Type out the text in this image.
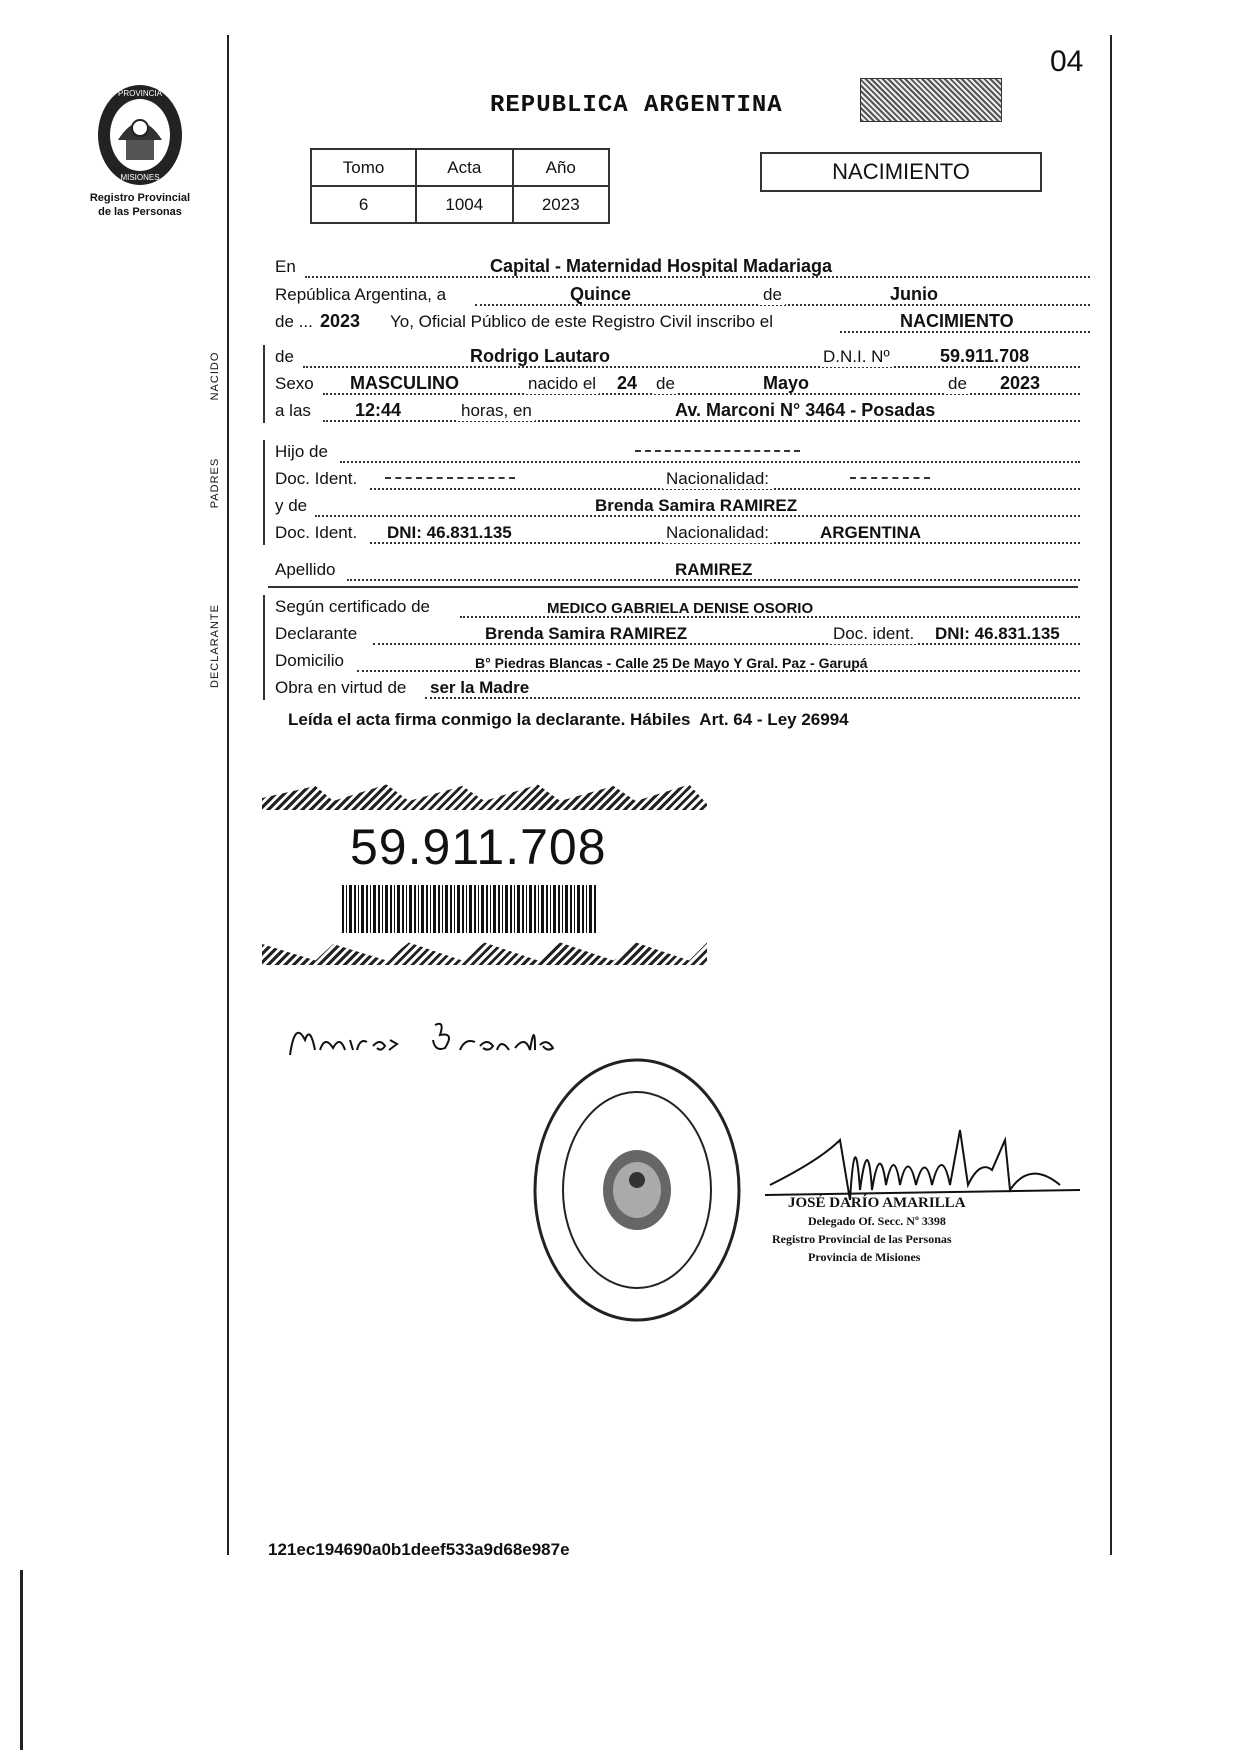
04
PROVINCIA
MISIONES
Registro Provincial
de las Personas
REPUBLICA ARGENTINA
Tomo	Acta	Año
6	1004	2023
NACIMIENTO
En	Capital - Maternidad Hospital Madariaga
República Argentina, a	Quince	de	Junio
de ... 2023 Yo, Oficial Público de este Registro Civil inscribo el	NACIMIENTO
NACIDO	de	Rodrigo Lautaro	D.N.I. Nº	59.911.708
Sexo MASCULINO	nacido el 24 de	Mayo	de 2023
a las 12:44	horas, en	Av. Marconi N° 3464 - Posadas
PADRES
Hijo de
Doc. Ident.	Nacionalidad:
y de	Brenda Samira RAMIREZ
Doc. Ident. DNI: 46.831.135	Nacionalidad:	ARGENTINA
Apellido	RAMIREZ
DECLARANTE	Según certificado de	MEDICO GABRIELA DENISE OSORIO
Declarante	Brenda Samira RAMIREZ	Doc. ident. DNI: 46.831.135
Domicilio	B° Piedras Blancas - Calle 25 De Mayo Y Gral. Paz - Garupá
Obra en virtud de ser la Madre
Leída el acta firma conmigo la declarante. Hábiles  Art. 64 - Ley 26994
59.911.708
JOSÉ DARÍO AMARILLA
Delegado Of. Secc. Nº 3398
Registro Provincial de las Personas
Provincia de Misiones
121ec194690a0b1deef533a9d68e987e
